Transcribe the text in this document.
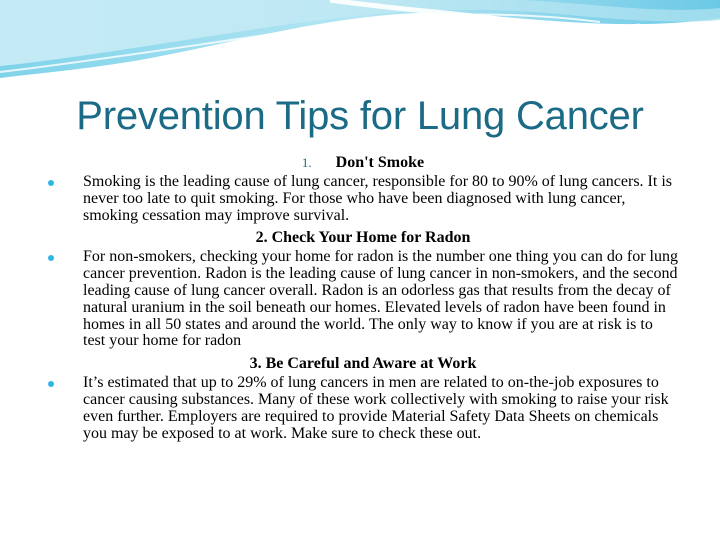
Prevention Tips for Lung Cancer
1. Don't Smoke
Smoking is the leading cause of lung cancer, responsible for 80 to 90% of lung cancers. It is never too late to quit smoking. For those who have been diagnosed with lung cancer, smoking cessation may improve survival.
2. Check Your Home for Radon
For non-smokers, checking your home for radon is the number one thing you can do for lung cancer prevention. Radon is the leading cause of lung cancer in non-smokers, and the second leading cause of lung cancer overall. Radon is an odorless gas that results from the decay of natural uranium in the soil beneath our homes. Elevated levels of radon have been found in homes in all 50 states and around the world. The only way to know if you are at risk is to test your home for radon
3. Be Careful and Aware at Work
It’s estimated that up to 29% of lung cancers in men are related to on-the-job exposures to cancer causing substances. Many of these work collectively with smoking to raise your risk even further. Employers are required to provide Material Safety Data Sheets on chemicals you may be exposed to at work. Make sure to check these out.
